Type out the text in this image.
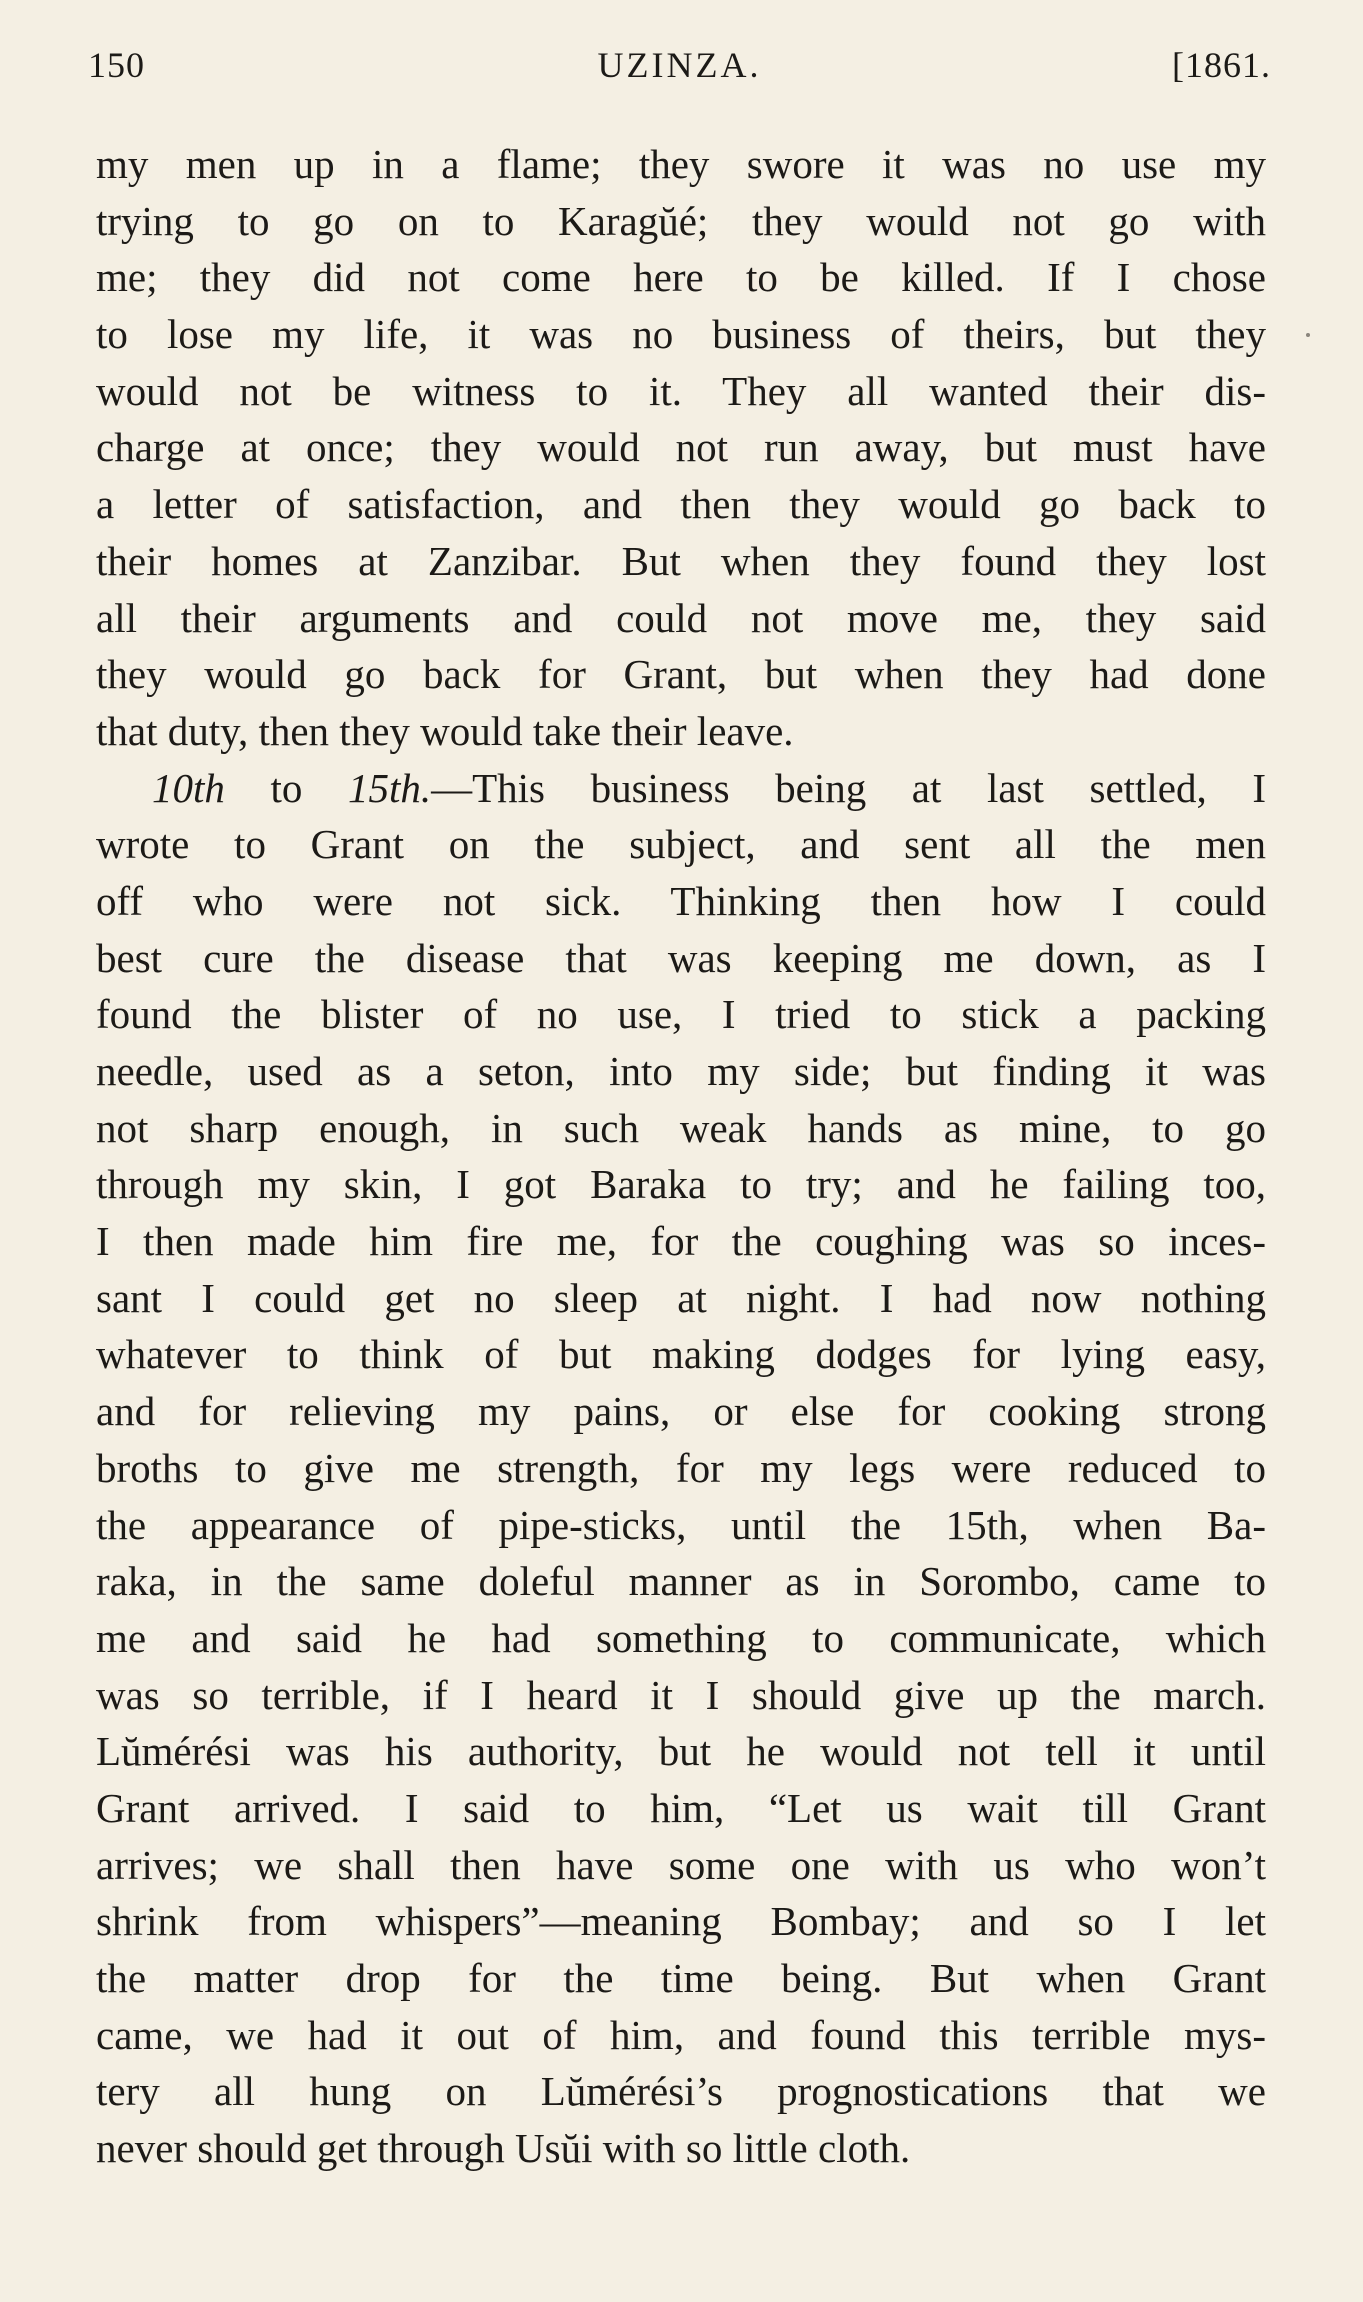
150	UZINZA.	[1861.
my men up in a flame; they swore it was no use my
trying to go on to Karagŭé; they would not go with
me; they did not come here to be killed. If I chose
to lose my life, it was no business of theirs, but they
would not be witness to it. They all wanted their dis-
charge at once; they would not run away, but must have
a letter of satisfaction, and then they would go back to
their homes at Zanzibar. But when they found they lost
all their arguments and could not move me, they said
they would go back for Grant, but when they had done
that duty, then they would take their leave.
10th to 15th.—This business being at last settled, I
wrote to Grant on the subject, and sent all the men
off who were not sick. Thinking then how I could
best cure the disease that was keeping me down, as I
found the blister of no use, I tried to stick a packing
needle, used as a seton, into my side; but finding it was
not sharp enough, in such weak hands as mine, to go
through my skin, I got Baraka to try; and he failing too,
I then made him fire me, for the coughing was so inces-
sant I could get no sleep at night. I had now nothing
whatever to think of but making dodges for lying easy,
and for relieving my pains, or else for cooking strong
broths to give me strength, for my legs were reduced to
the appearance of pipe-sticks, until the 15th, when Ba-
raka, in the same doleful manner as in Sorombo, came to
me and said he had something to communicate, which
was so terrible, if I heard it I should give up the march.
Lŭmérési was his authority, but he would not tell it until
Grant arrived. I said to him, “Let us wait till Grant
arrives; we shall then have some one with us who won’t
shrink from whispers”—meaning Bombay; and so I let
the matter drop for the time being. But when Grant
came, we had it out of him, and found this terrible mys-
tery all hung on Lŭmérési’s prognostications that we
never should get through Usŭi with so little cloth.
